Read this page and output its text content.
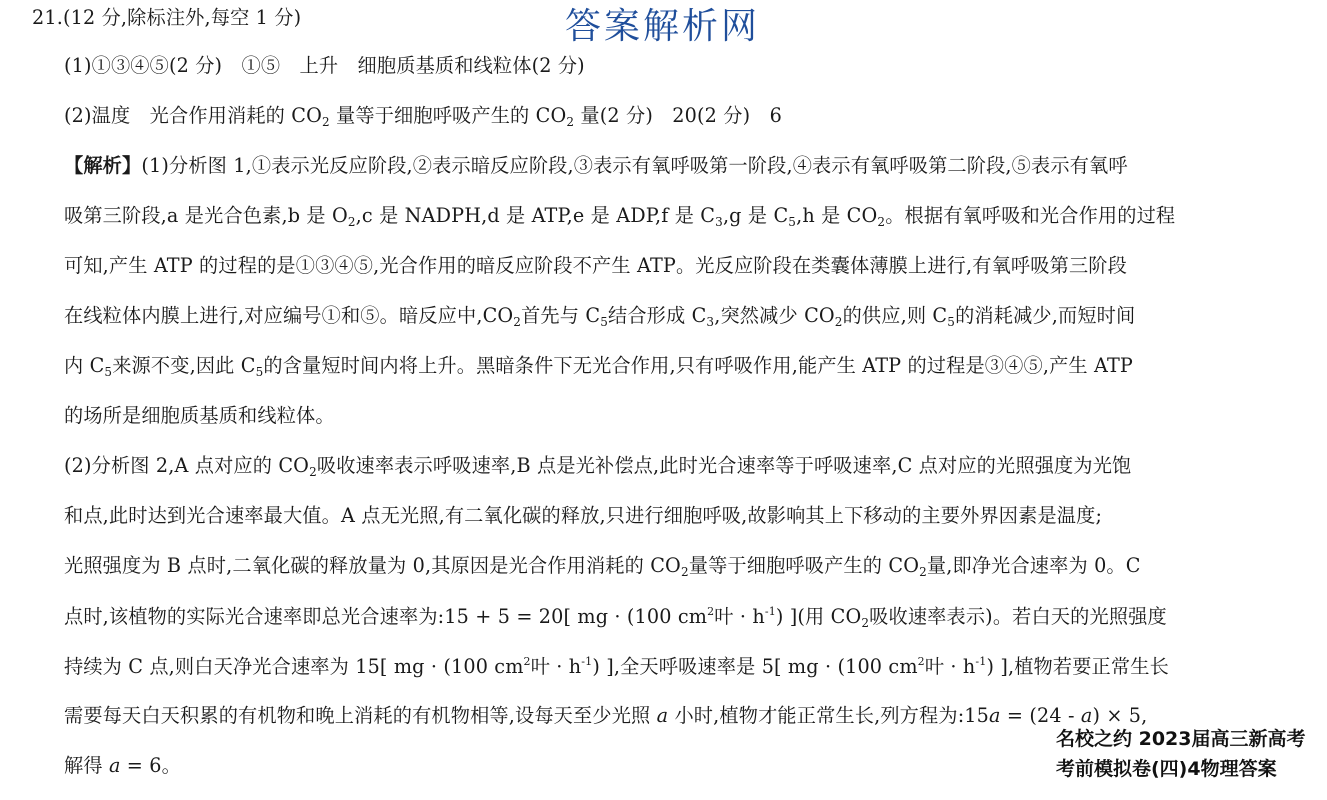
答案解析网
21.(12 分,除标注外,每空 1 分)
(1)①③④⑤(2 分)　①⑤　上升　细胞质基质和线粒体(2 分)
(2)温度　光合作用消耗的 $CO_2$ 量等于细胞呼吸产生的 $CO_2$ 量(2 分)　20(2 分)　6
【解析】(1)分析图 1,①表示光反应阶段,②表示暗反应阶段,③表示有氧呼吸第一阶段,④表示有氧呼吸第二阶段,⑤表示有氧呼
吸第三阶段,a 是光合色素,b 是 $O_2,c$ 是 NADPH,d 是 ATP,e 是 ADP,f 是 $C_3,g$ 是 $C_5,h$ 是 $CO_2$。根据有氧呼吸和光合作用的过程
可知,产生 ATP 的过程的是①③④⑤,光合作用的暗反应阶段不产生 ATP。光反应阶段在类囊体薄膜上进行,有氧呼吸第三阶段
在线粒体内膜上进行,对应编号①和⑤。暗反应中$,CO_2$首先与 $C_5$结合形成 $C_3$,突然减少 $CO_2$的供应,则 $C_5$的消耗减少,而短时间
内 $C_5$来源不变,因此 $C_5$的含量短时间内将上升。黑暗条件下无光合作用,只有呼吸作用,能产生 ATP 的过程是③④⑤,产生 ATP
的场所是细胞质基质和线粒体。
(2)分析图 2,A 点对应的 $CO_2$吸收速率表示呼吸速率,B 点是光补偿点,此时光合速率等于呼吸速率,C 点对应的光照强度为光饱
和点,此时达到光合速率最大值。A 点无光照,有二氧化碳的释放,只进行细胞呼吸,故影响其上下移动的主要外界因素是温度;
光照强度为 B 点时,二氧化碳的释放量为 0,其原因是光合作用消耗的 $CO_2$量等于细胞呼吸产生的 $CO_2$量,即净光合速率为 0。C
点时,该植物的实际光合速率即总光合速率为:15 + 5 = 20[ mg · (100 $cm^2$叶 · $h^{-1}$) ](用 $CO_2$吸收速率表示)。若白天的光照强度
持续为 C 点,则白天净光合速率为 15[ mg · (100 $cm^2$叶 · $h^{-1}$) ],全天呼吸速率是 5[ mg · (100 $cm^2$叶 · $h^{-1}$) ],植物若要正常生长
需要每天白天积累的有机物和晚上消耗的有机物相等,设每天至少光照 a 小时,植物才能正常生长,列方程为:15a = (24 - a) × 5,
解得 a = 6。
名校之约 2023届高三新高考
考前模拟卷(四)4物理答案
